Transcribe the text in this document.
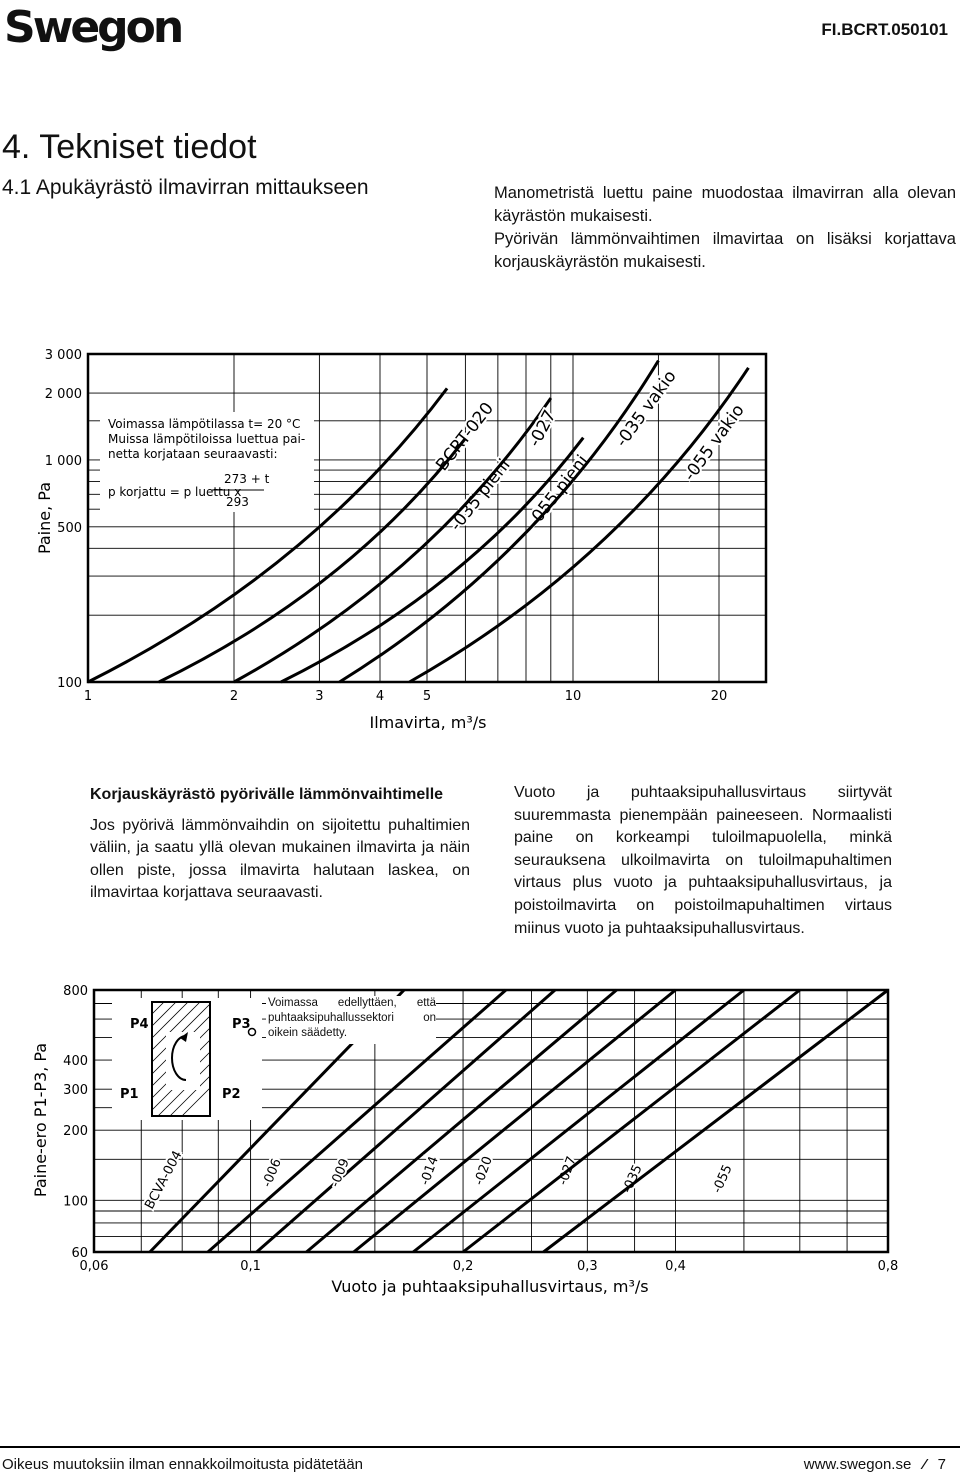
Swegon	FI.BCRT.050101
4. Tekniset tiedot
4.1 Apukäyrästö ilmavirran mittaukseen	Manometristä luettu paine muodostaa ilmavirran alla olevan käyrästön mukaisesti.

Pyörivän lämmönvaihtimen ilmavirtaa on lisäksi korjattava korjauskäyrästön mukaisesti.

100
500
1 000
2 000
3 000
1	2	3	4	5	10	20
BCRT-020
-035 pieni
-027
-055 pieni
-035 vakio -055 vakio
Paine, Pa
Ilmavirta, m³/s
Voimassa lämpötilassa t= 20 °C
Muissa lämpötiloissa luettua pai-
netta korjataan seuraavasti:
p korjattu = p luettu x
273 + t
293

Korjauskäyrästö pyörivälle lämmönvaihtimelle

Jos pyörivä lämmönvaihdin on sijoitettu puhaltimien väliin, ja saatu yllä olevan mukainen ilmavirta ja näin ollen piste, jossa ilmavirta halutaan laskea, on ilmavirtaa korjattava seuraavasti.

Vuoto ja puhtaaksipuhallusvirtaus siirtyvät suuremmasta pienempään paineeseen. Normaalisti paine on korkeampi tuloilmapuolella, minkä seurauksena ulkoilmavirta on tuloilmapuhaltimen virtaus plus vuoto ja puhtaaksipuhallusvirtaus, ja poistoilmavirta on poistoilmapuhaltimen virtaus miinus vuoto ja puhtaaksipuhallusvirtaus.

60
100
200
300
400
800
0,06	0,1	0,2	0,3	0,4	0,8
BCVA-004	-006	-009	-014 -020	-027	-035	-055
Paine-ero P1-P3, Pa
Vuoto ja puhtaaksipuhallusvirtaus, m³/s
P4	P3
P1	P2
Voimassa edellyttäen, että puhtaaksipuhallussektori on oikein säädetty.
Oikeus muutoksiin ilman ennakkoilmoitusta pidätetään	www.swegon.se ⁄ 7
